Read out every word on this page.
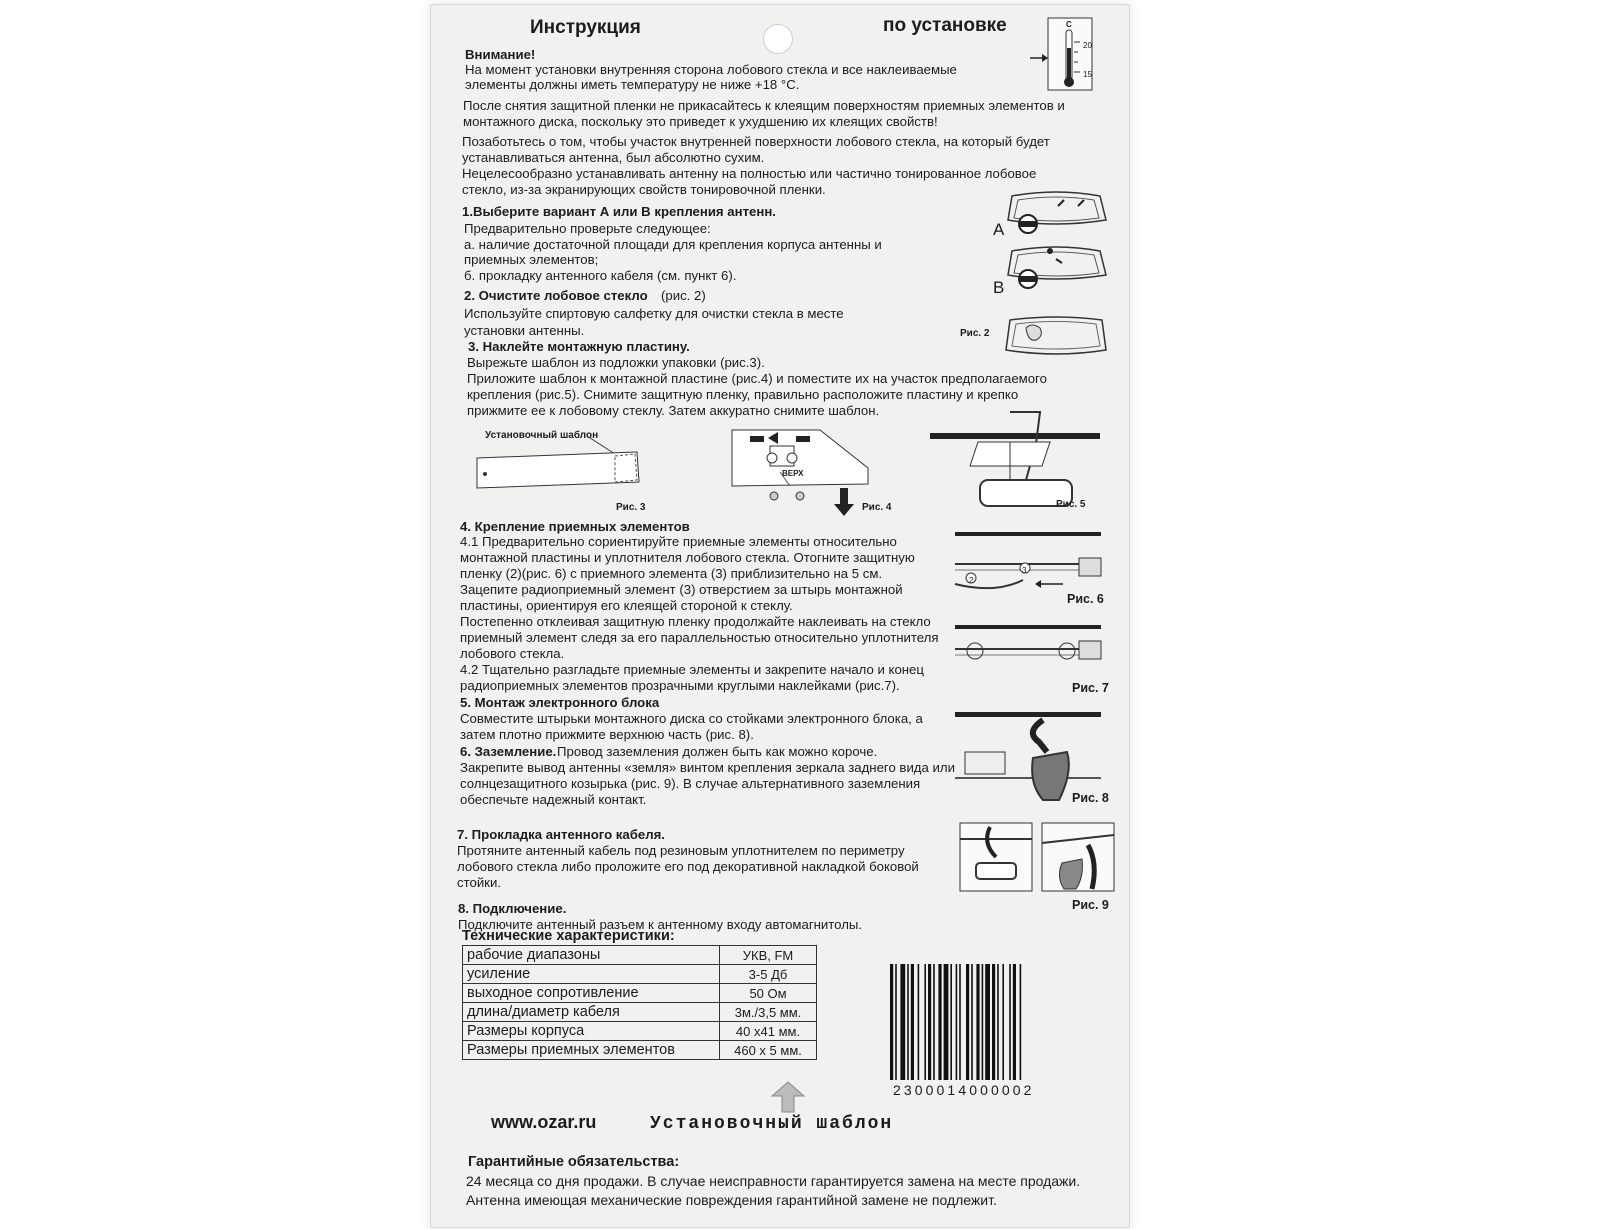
Инструкция	по установке	C
20
15
Внимание!
На момент установки внутренняя сторона лобового стекла и все наклеиваемые
элементы должны иметь температуру не ниже +18 °С.
После снятия защитной пленки не прикасайтесь к клеящим поверхностям приемных элементов и
монтажного диска, поскольку это приведет к ухудшению их клеящих свойств!
Позаботьтесь о том, чтобы участок внутренней поверхности лобового стекла, на который будет
устанавливаться антенна, был абсолютно сухим.
Нецелесообразно устанавливать антенну на полностью или частично тонированное лобовое
стекло, из-за экранирующих свойств тонировочной пленки.
1.Выберите вариант А или В крепления антенн.
Предварительно проверьте следующее:
а. наличие достаточной площади для крепления корпуса антенны и
приемных элементов;
б. прокладку антенного кабеля (см. пункт 6).
A
B
2. Очистите лобовое стекло (рис. 2)
Используйте спиртовую салфетку для очистки стекла в месте
установки антенны.	Рис. 2
3. Наклейте монтажную пластину.
Вырежьте шаблон из подложки упаковки (рис.3).
Приложите шаблон к монтажной пластине (рис.4) и поместите их на участок предполагаемого
крепления (рис.5). Снимите защитную пленку, правильно расположите пластину и крепко
прижмите ее к лобовому стеклу. Затем аккуратно снимите шаблон.
Установочный шаблон
Рис. 3
ВЕРХ
Рис. 4	Рис. 5
4. Крепление приемных элементов
4.1 Предварительно сориентируйте приемные элементы относительно
монтажной пластины и уплотнителя лобового стекла. Отогните защитную
пленку (2)(рис. 6) с приемного элемента (3) приблизительно на 5 см.
Зацепите радиоприемный элемент (3) отверстием за штырь монтажной
пластины, ориентируя его клеящей стороной к стеклу.
Постепенно отклеивая защитную пленку продолжайте наклеивать на стекло
приемный элемент следя за его параллельностью относительно уплотнителя
лобового стекла.
4.2 Тщательно разгладьте приемные элементы и закрепите начало и конец
радиоприемных элементов прозрачными круглыми наклейками (рис.7).
2
3
Рис. 6
Рис. 7
5. Монтаж электронного блока
Совместите штырьки монтажного диска со стойками электронного блока, а
затем плотно прижмите верхнюю часть (рис. 8).
Рис. 8
6. Заземление. Провод заземления должен быть как можно короче.
Закрепите вывод антенны «земля» винтом крепления зеркала заднего вида или
солнцезащитного козырька (рис. 9). В случае альтернативного заземления
обеспечьте надежный контакт.
7. Прокладка антенного кабеля.
Протяните антенный кабель под резиновым уплотнителем по периметру
лобового стекла либо проложите его под декоративной накладкой боковой
стойки.
Рис. 9
8. Подключение.
Подключите антенный разъем к антенному входу автомагнитолы.
Технические характеристики:
рабочие диапазоны	УКВ, FM
усиление	3-5 Дб
выходное сопротивление	50 Ом
длина/диаметр кабеля	3м./3,5 мм.
Размеры корпуса	40 x41 мм.
Размеры приемных элементов	460 x 5 мм.
2300014000002
www.ozar.ru	Установочный шаблон
Гарантийные обязательства:
24 месяца со дня продажи. В случае неисправности гарантируется замена на месте продажи.
Антенна имеющая механические повреждения гарантийной замене не подлежит.
